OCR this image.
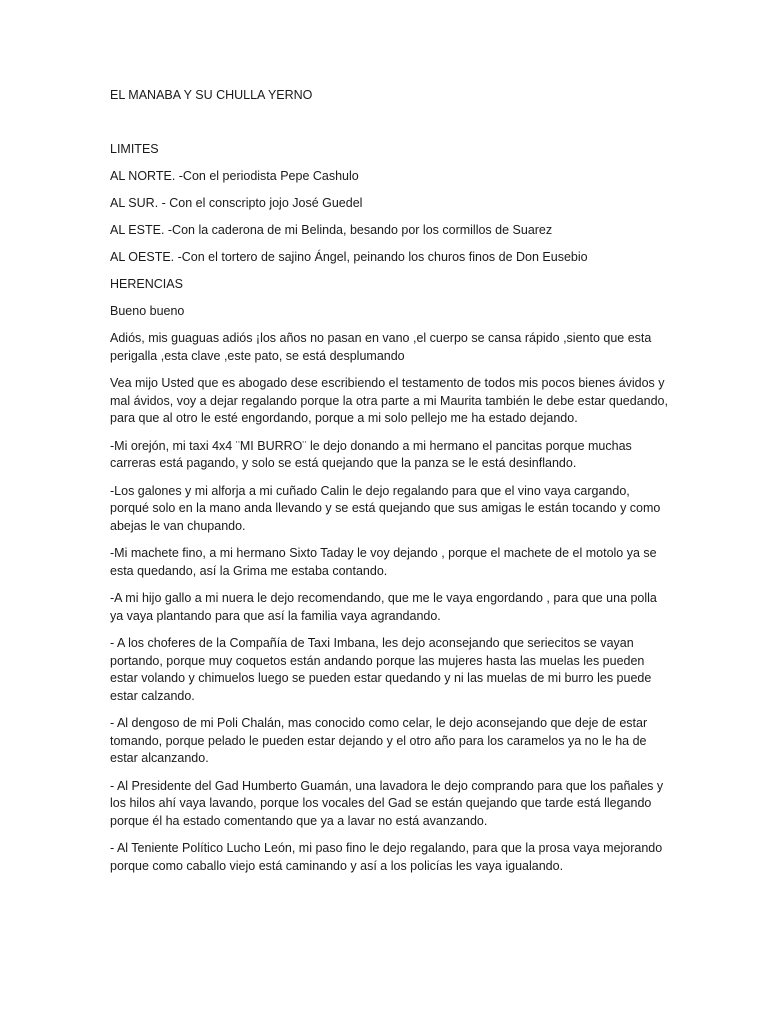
EL MANABA Y SU CHULLA YERNO

LIMITES

AL NORTE. -Con el periodista Pepe Cashulo

AL SUR. - Con el conscripto jojo José Guedel

AL ESTE. -Con la caderona de mi Belinda, besando por los cormillos de Suarez

AL OESTE. -Con el tortero de sajino Ángel, peinando los churos finos de Don Eusebio

HERENCIAS

Bueno bueno

Adiós, mis guaguas adiós ¡los años no pasan en vano ,el cuerpo se cansa rápido ,siento que esta perigalla ,esta clave ,este pato, se está desplumando

Vea mijo Usted que es abogado dese escribiendo el testamento de todos mis pocos bienes ávidos y mal ávidos, voy a dejar regalando porque la otra parte a mi Maurita también le debe estar quedando, para que al otro le esté engordando, porque a mi solo pellejo me ha estado dejando.

-Mi orejón, mi taxi 4x4 ¨MI BURRO¨ le dejo donando a mi hermano el pancitas porque muchas carreras está pagando, y solo se está quejando que la panza se le está desinflando.

-Los galones y mi alforja a mi cuñado Calin le dejo regalando para que el vino vaya cargando, porqué solo en la mano anda llevando y se está quejando que sus amigas le están tocando y como abejas le van chupando.

-Mi machete fino, a mi hermano Sixto Taday le voy dejando , porque el machete de el motolo ya se esta quedando, así la Grima me estaba contando.

-A mi hijo gallo a mi nuera le dejo recomendando, que me le vaya engordando , para que una polla ya vaya plantando para que así la familia vaya agrandando.

- A los choferes de la Compañía de Taxi Imbana, les dejo aconsejando que seriecitos se vayan portando, porque muy coquetos están andando porque las mujeres hasta las muelas les pueden estar volando y chimuelos luego se pueden estar quedando y ni las muelas de mi burro les puede estar calzando.

- Al dengoso de mi Poli Chalán, mas conocido como celar, le dejo aconsejando que deje de estar tomando, porque pelado le pueden estar dejando y el otro año para los caramelos ya no le ha de estar alcanzando.

- Al Presidente del Gad Humberto Guamán, una lavadora le dejo comprando para que los pañales y los hilos ahí vaya lavando, porque los vocales del Gad se están quejando que tarde está llegando porque él ha estado comentando que ya a lavar no está avanzando.

- Al Teniente Político Lucho León, mi paso fino le dejo regalando, para que la prosa vaya mejorando porque como caballo viejo está caminando y así a los policías les vaya igualando.
